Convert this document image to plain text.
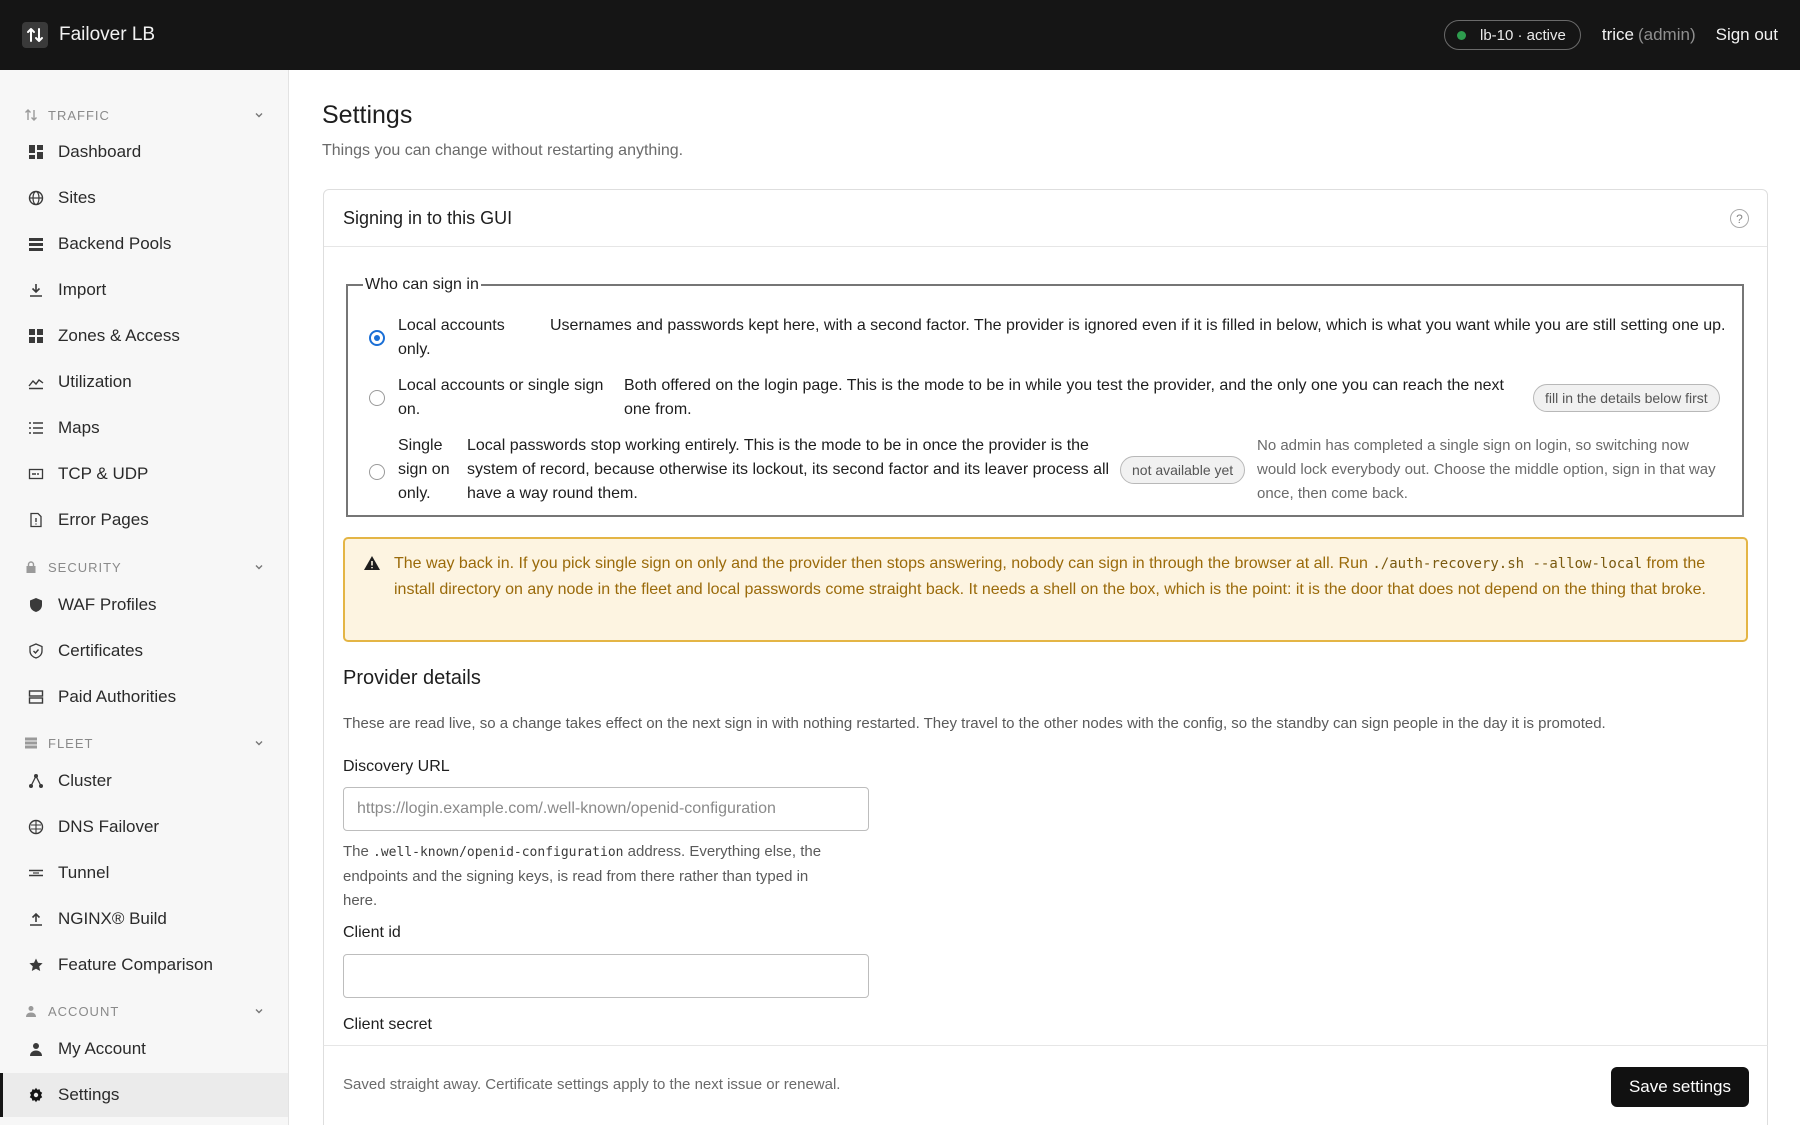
Failover LB	lb-10 · active trice (admin) Sign out
TRAFFIC
Dashboard
Sites
Backend Pools
Import
Zones & Access
Utilization
Maps
TCP & UDP
Error Pages
SECURITY
WAF Profiles
Certificates
Paid Authorities
FLEET
Cluster
DNS Failover
Tunnel
NGINX® Build
Feature Comparison
ACCOUNT
My Account
Settings
Settings
Things you can change without restarting anything.
Signing in to this GUI	?
Who can sign in
Local accounts only.
Usernames and passwords kept here, with a second factor. The provider is ignored even if it is filled in below, which is what you want while you are still setting one up.
Local accounts or single sign on.
Both offered on the login page. This is the mode to be in while you test the provider, and the only one you can reach the next one from.
fill in the details below first
Single sign on only.
Local passwords stop working entirely. This is the mode to be in once the provider is the system of record, because otherwise its lockout, its second factor and its leaver process all have a way round them.
not available yet
No admin has completed a single sign on login, so switching now would lock everybody out. Choose the middle option, sign in that way once, then come back.
The way back in. If you pick single sign on only and the provider then stops answering, nobody can sign in through the browser at all. Run ./auth-recovery.sh --allow-local from the install directory on any node in the fleet and local passwords come straight back. It needs a shell on the box, which is the point: it is the door that does not depend on the thing that broke.
Provider details
These are read live, so a change takes effect on the next sign in with nothing restarted. They travel to the other nodes with the config, so the standby can sign people in the day it is promoted.
Discovery URL
https://login.example.com/.well-known/openid-configuration
The .well-known/openid-configuration address. Everything else, the endpoints and the signing keys, is read from there rather than typed in here.
Client id
Client secret
Saved straight away. Certificate settings apply to the next issue or renewal.	Save settings
